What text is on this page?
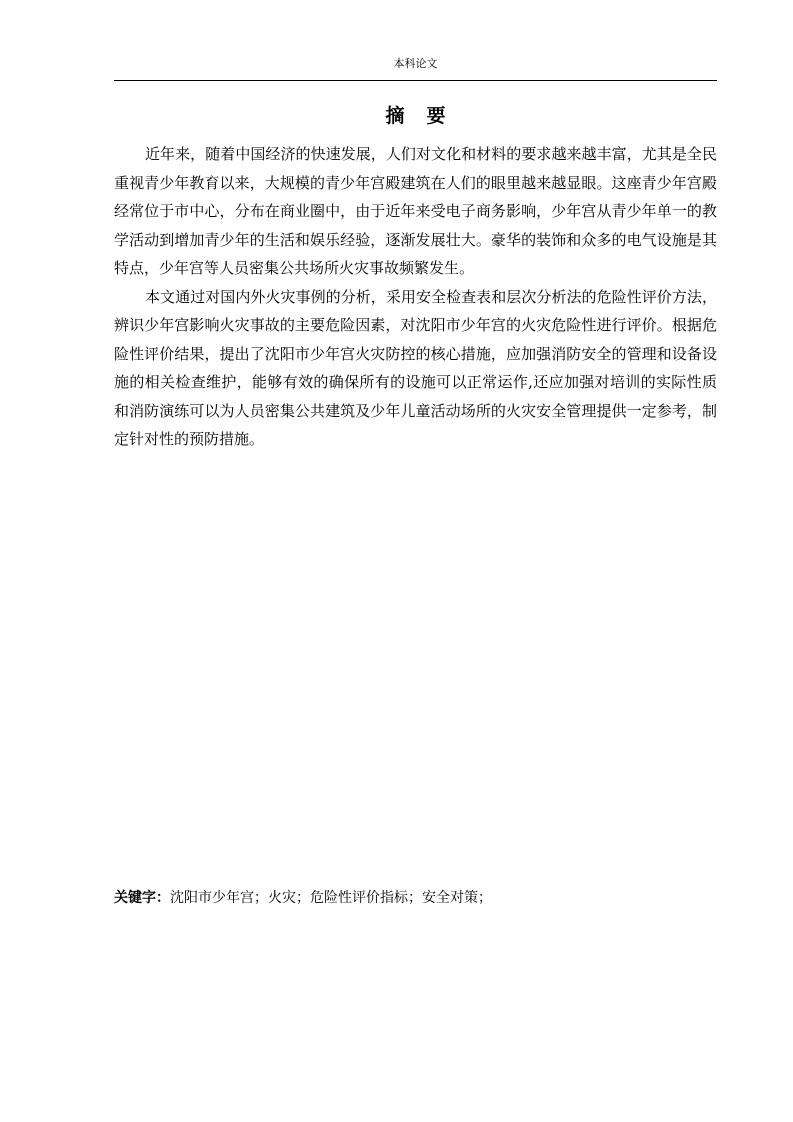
本科论文
摘要

近年来，随着中国经济的快速发展，人们对文化和材料的要求越来越丰富，尤其是全民重视青少年教育以来，大规模的青少年宫殿建筑在人们的眼里越来越显眼。这座青少年宫殿经常位于市中心，分布在商业圈中，由于近年来受电子商务影响，少年宫从青少年单一的教学活动到增加青少年的生活和娱乐经验，逐渐发展壮大。豪华的装饰和众多的电气设施是其特点，少年宫等人员密集公共场所火灾事故频繁发生。

本文通过对国内外火灾事例的分析，采用安全检查表和层次分析法的危险性评价方法，辨识少年宫影响火灾事故的主要危险因素，对沈阳市少年宫的火灾危险性进行评价。根据危险性评价结果，提出了沈阳市少年宫火灾防控的核心措施，应加强消防安全的管理和设备设施的相关检查维护，能够有效的确保所有的设施可以正常运作,还应加强对培训的实际性质和消防演练可以为人员密集公共建筑及少年儿童活动场所的火灾安全管理提供一定参考，制定针对性的预防措施。

关键字：沈阳市少年宫；火灾；危险性评价指标；安全对策；
